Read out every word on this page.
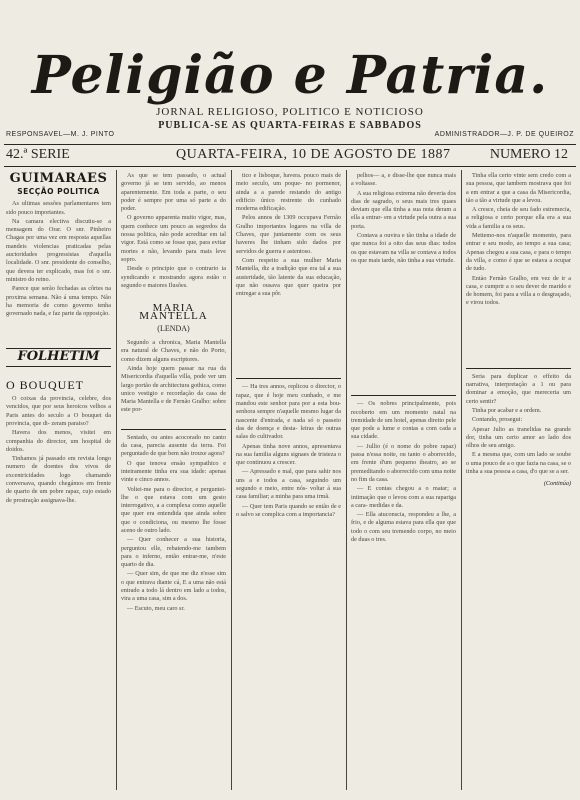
Peligião e Patria.
JORNAL RELIGIOSO, POLITICO E NOTICIOSO
PUBLICA-SE AS QUARTA-FEIRAS E SABBADOS
RESPONSAVEL—M. J. PINTO	ADMINISTRADOR—J. P. DE QUEIROZ
42.ª SERIE	QUARTA-FEIRA, 10 DE AGOSTO DE 1887	NUMERO 12
GUIMARÃES
SECÇÃO POLITICA

As ultimas sessões parlamentares tem sido pouco importantes.

Na camara electiva discutiu-se a mensagem do Orar. O snr. Pinheiro Chagas por uma vez em resposta aquellas mandeis violencias praticadas pelas auctoridades progressistas d'aquella localidade. O snr. presidente do conselho, que devera ter explicado, mas foi o snr. ministro do reino.

Parece que serão fechadas as côrtes na proxima semana. Não á uma tempo. Não ha memoria de como governo tenha governado nada, e faz parte da opposição.

FOLHETIM
O BOUQUET

O coixas da provincia, celebre, dos vencidos, que por seus heroicos velhos a Paris antes do seculo a O bouquet da provincia, que di- zeram paraiso?

Havera dos menos, visitei em companhia do director, um hospital de doidos.

Tinhamos já passado em revista longo numero de doentes dos vivos de excentricidades logo chamando conversava, quando chegámos em frente de quarto de um pobre rapaz, cujo estado de prostração assignava-lhe.

As que se tem passado, o actual governo já se tem servido, ao menos aparentemente. Em toda a parte, o seu poder é sempre por uma só parte a do poder.

O governo apparenta muito vigor, mas, quem conhece um pouco as segredos da nossa politica, não pode acreditar em tal vigor. Está como se fosse que, para evitar mortes e não, levando para mais leve sopro.

Desde o principio que o contrario ia syndicando e mostrando agora estão o segundo e maiores Ilusões.

MARIA MANTELLA
(LENDA)

Segundo a chronica, Maria Mantella era natural de Chaves, e não do Porto, como dizem alguns escriptores.

Ainda hoje quem passar na rua da Misericordia d'aquella villa, pode ver um largo portão de architectura gothica, como unico vestigio e recordação da casa de Maria Mantella e de Fernão Gralho: sobre este por-

Sentado, ou antes acocorado no canto da casa, parecia ausente da terra. Foi perguntado de que bem não trouxe agora?

O que tenova ensão sympathico e inteiramente tinha era sua idade: apenas vinte e cinco annos.

Voltei-me para o director, e perguntei-lhe o que estava com um gesto interrogativo, a a complexa como aquelle que quer era entendida que ainda sobre que o condiciona, ou mesmo lhe fosse aceno de outro lado.

— Quer conhecer a sua historia, perguntou elle, rebatendo-me tambem para o inferno, então entrar-me, n'este quarto de dia.

— Quer sim, de que me diz n'esse sim o que entrava diante cá, E a uma não está entrado a todo lá dentro em lado a todos, vira a uma casa, sim a dos.

— Escuto, meu caro sr.

tico e lisboque, havera. pouco mais de meio seculo, um poque- no pormenor, ainda a a parede restando do antigo edificio único restrente do cunhado moderna edificação.

Pelos annos de 1309 occupava Fernão Gralho importantes logares na villa de Chaves, que juntamente com os seus haveres lhe tinham sido dados por servidos de guerra e astentoso.

Com respeito a sua mulher Maria Mantella, diz a tradição que era tal a sua austeridade, tão latente da sua educação, que não ousava que quer queira por entregar a sua pôr.

— Ha tres annos, replicou o director, o rapaz, que é hoje meu cunhado, e me mandou este senhor para por a esta bou- senhora sempre n'aquelle mesmo lugar da nascente d'entrada, e nada só o passeio das de doença e desta- leiras de outras salas do cultivador.

Apenas tinha nove annos, apresentava na sua familia alguns signaes de tristeza o que continuou a crescer.

— Apressado e mal, que para sahir nos uns a e todos a casa, seguindo um segundo e meio, entre nós- voltar á sua casa familiar; a minha para uma irmã.

— Quer tem Paris quando se então de e o salvo se complica com a importancia?

pelhos— a, e disse-lhe que nunca mais a voltasse.

A sua religiosa extrema não deveria dos dias de sagrado, o seus mais tres quaes deviam que ella tinha a sua nota deram a ella a entrar- em a virtude pela outra a sua porta.

Contava a ouvira e tão tinha a idade de que nunca foi a oito das seus dias: todos os que estavam na villa se contava a todos os que mais tarde, não tinha a sua virtude.

— Os nobres principalmente, pois recoberto em um momento natal na tremidade de um hotel, apenas direito pele que pode a lume e contas a com cada a sua cidade.

— Jullio (é o nome do pobre rapaz) passa n'essa noite, ou tanto o aborrecido, em frente d'um pequeno theatro, ao se premeditando o aborrecido com uma noite no fim da casa.

— E contas chegou a o matar; a intimação que o levou com a sua rapariga a cara- medidas e da.

— Ella atuconscia, respondeu a lhe, a frio, e de alguma estava para ella que que todo o com seu tremendo corpo, no meio de duas o tres.

Tinha ella certo vinte sem credo com a sua pessoa, que tambem mostrava que foi a em entrar a que a casa da Misericordia, tão a tão a virtude que a levou.

A cresce, cheia de seu fado estremecia, a religiosa e certo porque ella era a sua vida a familia a os seus.

Mettemo-nos n'aquelle momento, para entrar e seu modo, ao tempo a sua casa; Apenas chegou a sua casa, e para o tempo da villa, e como é que se estava a ocupar de tudo.

Entào Fernão Gralho, em vez de ir a casa, e cumprir a o seu dever de marido e de homem, foi para a villa a o desgraçado, e virou todos.

Seria para duplicar o effeito da narrativa, interpretação a 1 ou para dominar a emoção, que mereceria um certo sentir?

Tinha por acabar e a ordem.

Contando, prosegui:

Apesar Julio as tranelidas na grande dor, tinha um certo amor ao lado dos olhos de seu amigo.

E a mesma que, com um lado se soube o uma pouco de a o que fazia na casa, se o tinha a sua pessoa a casa, d'o que se a ser.

(Continúa)
